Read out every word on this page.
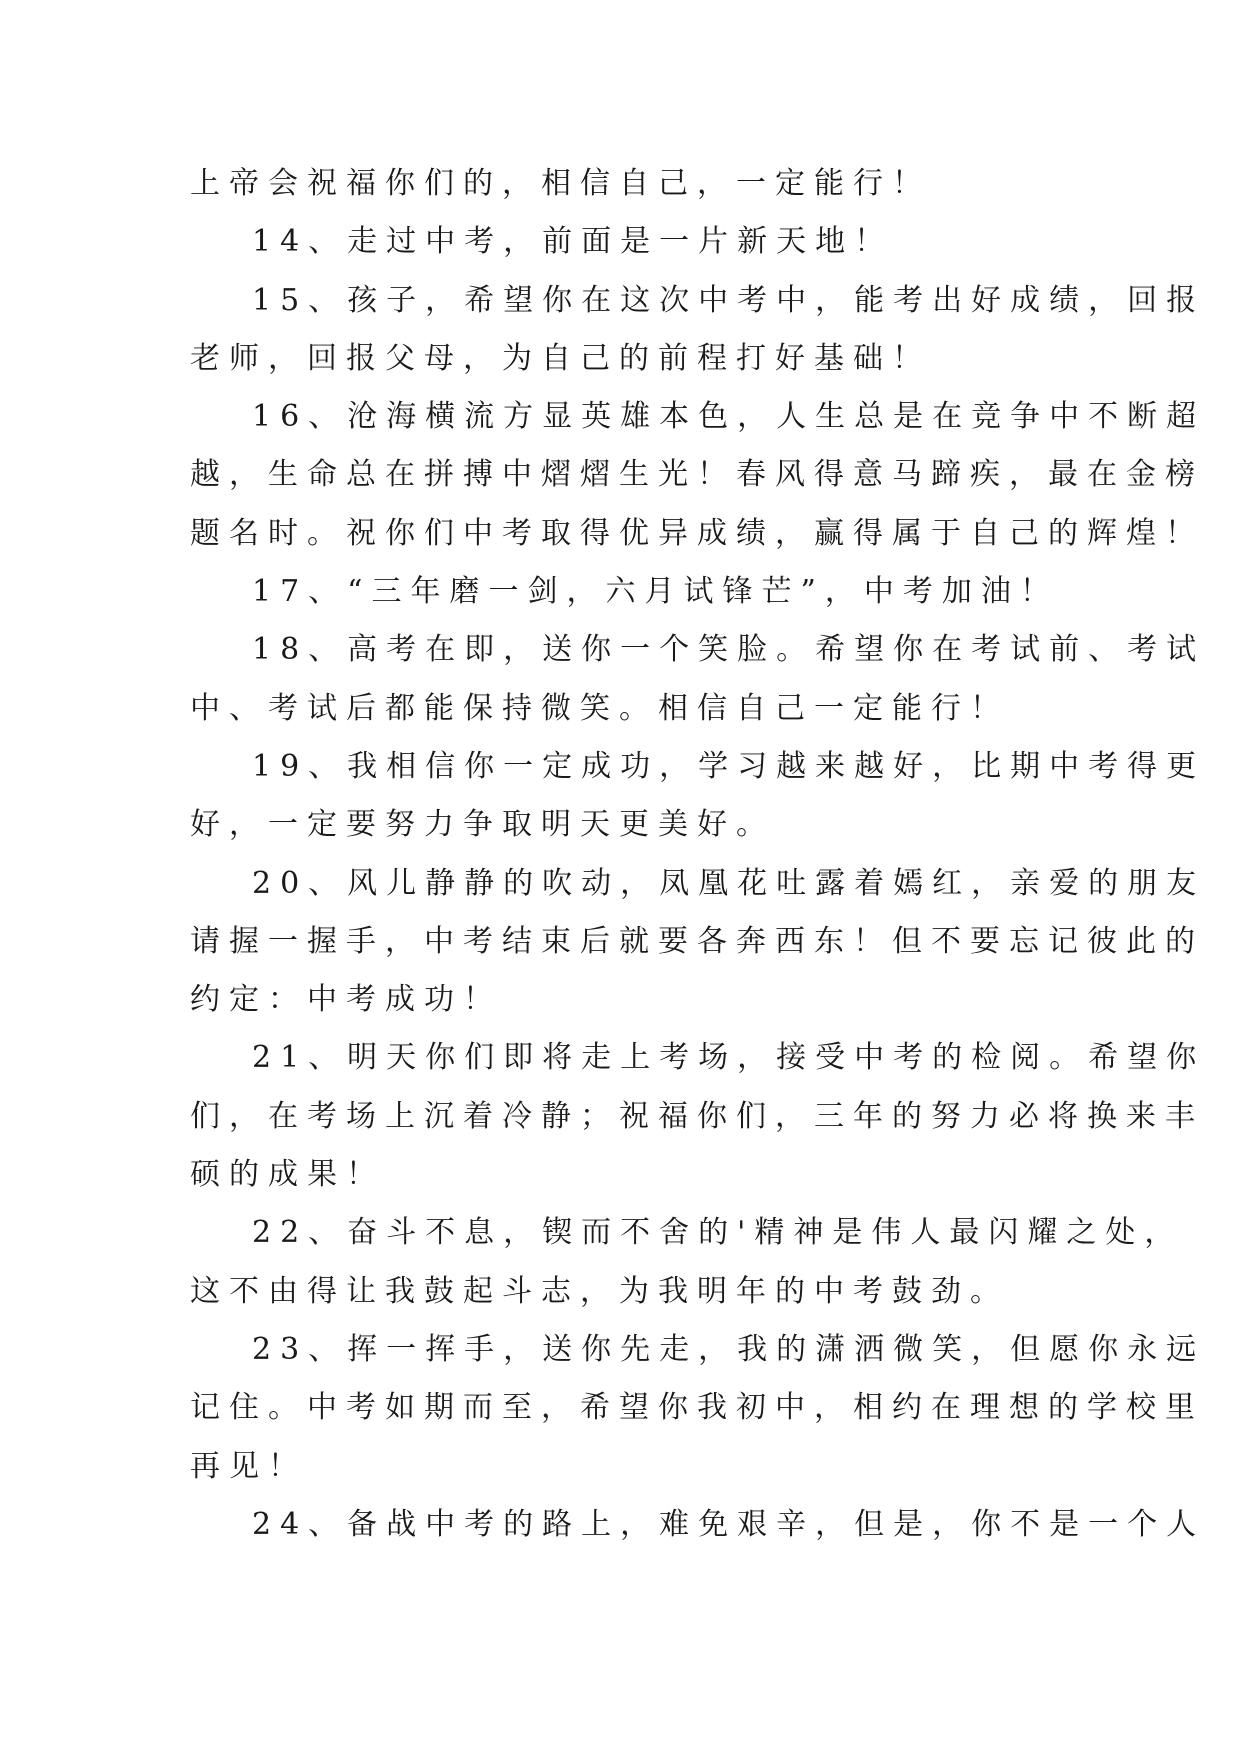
上帝会祝福你们的，相信自己，一定能行！
14、走过中考，前面是一片新天地！
15、孩子，希望你在这次中考中，能考出好成绩，回报
老师，回报父母，为自己的前程打好基础！
16、沧海横流方显英雄本色，人生总是在竞争中不断超
越，生命总在拼搏中熠熠生光！春风得意马蹄疾，最在金榜
题名时。祝你们中考取得优异成绩，赢得属于自己的辉煌！
17、“三年磨一剑，六月试锋芒”，中考加油！
18、高考在即，送你一个笑脸。希望你在考试前、考试
中、考试后都能保持微笑。相信自己一定能行！
19、我相信你一定成功，学习越来越好，比期中考得更
好，一定要努力争取明天更美好。
20、风儿静静的吹动，凤凰花吐露着嫣红，亲爱的朋友
请握一握手，中考结束后就要各奔西东！但不要忘记彼此的
约定：中考成功！
21、明天你们即将走上考场，接受中考的检阅。希望你
们，在考场上沉着冷静；祝福你们，三年的努力必将换来丰
硕的成果！
22、奋斗不息，锲而不舍的'精神是伟人最闪耀之处，
这不由得让我鼓起斗志，为我明年的中考鼓劲。
23、挥一挥手，送你先走，我的潇洒微笑，但愿你永远
记住。中考如期而至，希望你我初中，相约在理想的学校里
再见！
24、备战中考的路上，难免艰辛，但是，你不是一个人
